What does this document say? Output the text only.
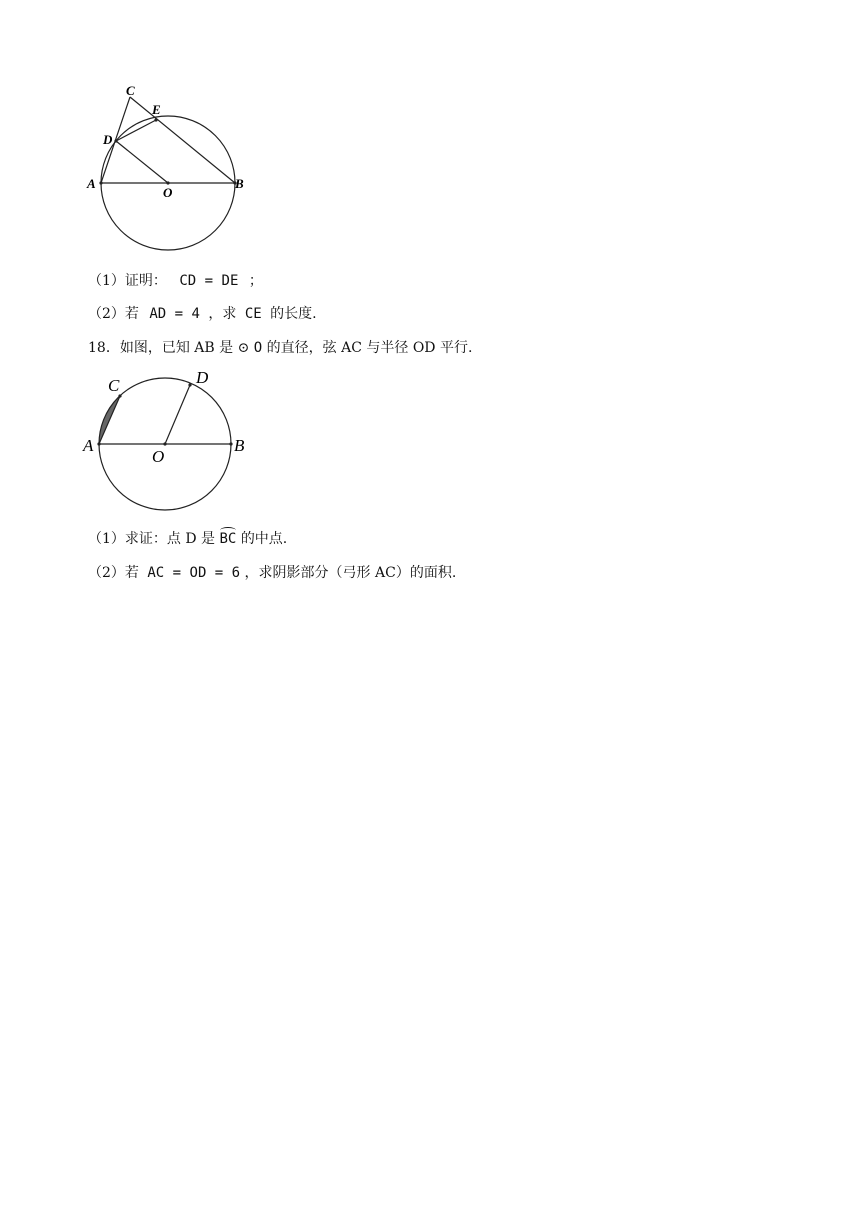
C
E
D
A
O
B
（1）证明： CD = DE ；
（2）若 AD = 4 ，求 CE 的长度.
18．如图，已知 AB 是 ⊙ O 的直径，弦 AC 与半径 OD 平行.
C	D
A
O
B
（1）求证：点 D 是 BC 的中点.
（2）若 AC = OD = 6 ，求阴影部分（弓形 AC）的面积.
